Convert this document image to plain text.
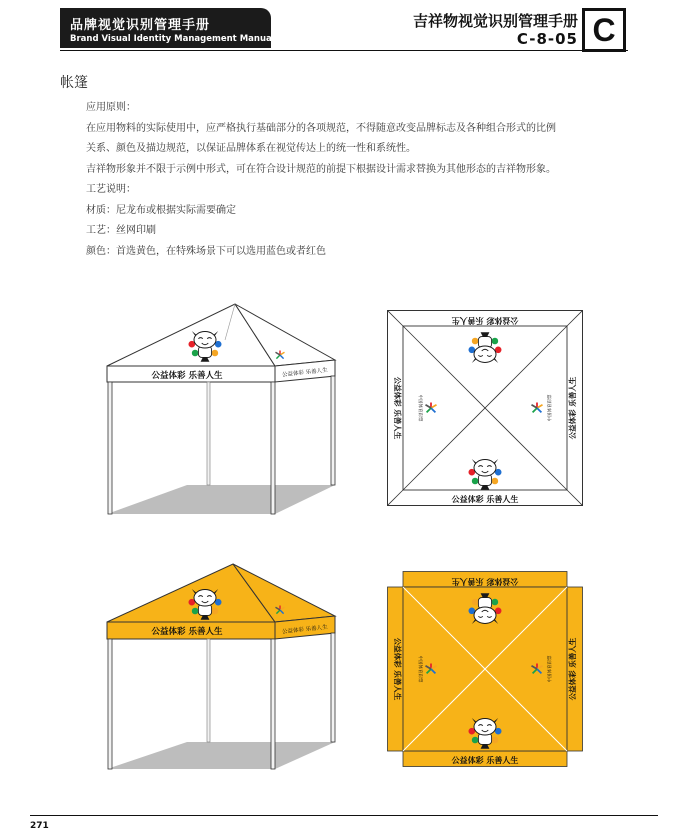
品牌视觉识别管理手册
Brand Visual Identity Management Manual
吉祥物视觉识别管理手册
C-8-05 C
帐篷

应用原则：

在应用物料的实际使用中，应严格执行基础部分的各项规范，不得随意改变品牌标志及各种组合形式的比例

关系、颜色及描边规范，以保证品牌体系在视觉传达上的统一性和系统性。

吉祥物形象并不限于示例中形式，可在符合设计规范的前提下根据设计需求替换为其他形态的吉祥物形象。

工艺说明：

材质：尼龙布或根据实际需要确定

工艺：丝网印刷

颜色：首选黄色，在特殊场景下可以选用蓝色或者红色

公益体彩 乐善人生	公益体彩 乐善人生
公益体彩 乐善人生
公益体彩 乐善人生
公益体彩 乐善人生	公益体彩 乐善人生
中国体育彩票	中国体育彩票
公益体彩 乐善人生	公益体彩 乐善人生
公益体彩 乐善人生
公益体彩 乐善人生
公益体彩 乐善人生	公益体彩 乐善人生
中国体育彩票	中国体育彩票
271
